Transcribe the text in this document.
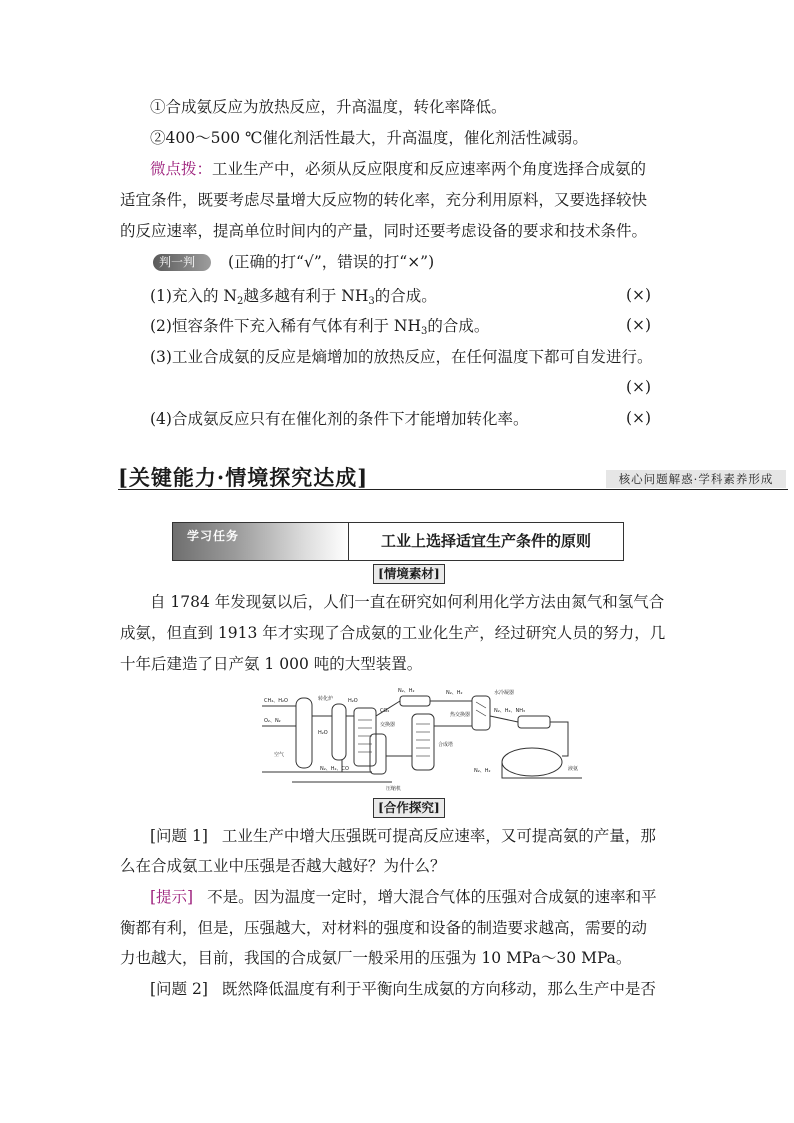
①合成氨反应为放热反应，升高温度，转化率降低。
②400～500 ℃催化剂活性最大，升高温度，催化剂活性减弱。
微点拨：工业生产中，必须从反应限度和反应速率两个角度选择合成氨的
适宜条件，既要考虑尽量增大反应物的转化率，充分利用原料，又要选择较快
的反应速率，提高单位时间内的产量，同时还要考虑设备的要求和技术条件。
判一判	(正确的打“√”，错误的打“×”)
(1)充入的 $N_2$越多越有利于 $NH_3$的合成。	(×)
(2)恒容条件下充入稀有气体有利于 $NH_3$的合成。	(×)
(3)工业合成氨的反应是熵增加的放热反应，在任何温度下都可自发进行。
(×)
(4)合成氨反应只有在催化剂的条件下才能增加转化率。	(×)
[关键能力·情境探究达成]	核心问题解惑·学科素养形成
学习任务	工业上选择适宜生产条件的原则
[情境素材]
自 1784 年发现氨以后，人们一直在研究如何利用化学方法由氮气和氢气合
成氨，但直到 1913 年才实现了合成氨的工业化生产，经过研究人员的努力，几
十年后建造了日产氨 1 000 吨的大型装置。
CH₄、H₂O
O₂、N₂
转化炉
H₂O
N₂、H₂、CO
H₂O
空气
交换器
N₂、H₂
CO₂
压缩机
N₂、H₂	水冷凝器
N₂、H₂、NH₃
合成塔
N₂、H₂
热交换器
液氨
[合作探究]
[问题 1] 工业生产中增大压强既可提高反应速率，又可提高氨的产量，那
么在合成氨工业中压强是否越大越好？为什么？
[提示] 不是。因为温度一定时，增大混合气体的压强对合成氨的速率和平
衡都有利，但是，压强越大，对材料的强度和设备的制造要求越高，需要的动
力也越大，目前，我国的合成氨厂一般采用的压强为 10 MPa～30 MPa。
[问题 2] 既然降低温度有利于平衡向生成氨的方向移动，那么生产中是否
